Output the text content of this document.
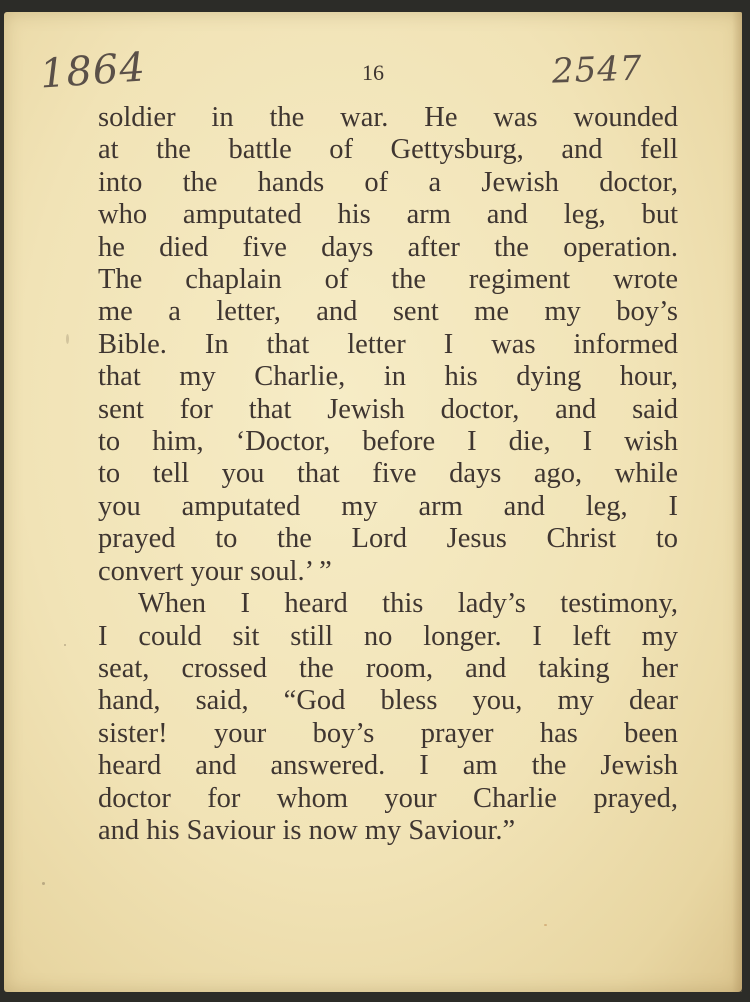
1864	16	2547
soldier in the war. He was wounded
at the battle of Gettysburg, and fell
into the hands of a Jewish doctor,
who amputated his arm and leg, but
he died five days after the operation.
The chaplain of the regiment wrote
me a letter, and sent me my boy’s
Bible. In that letter I was informed
that my Charlie, in his dying hour,
sent for that Jewish doctor, and said
to him, ‘Doctor, before I die, I wish
to tell you that five days ago, while
you amputated my arm and leg, I
prayed to the Lord Jesus Christ to
convert your soul.’ ”
When I heard this lady’s testimony,
I could sit still no longer. I left my
seat, crossed the room, and taking her
hand, said, “God bless you, my dear
sister! your boy’s prayer has been
heard and answered. I am the Jewish
doctor for whom your Charlie prayed,
and his Saviour is now my Saviour.”
